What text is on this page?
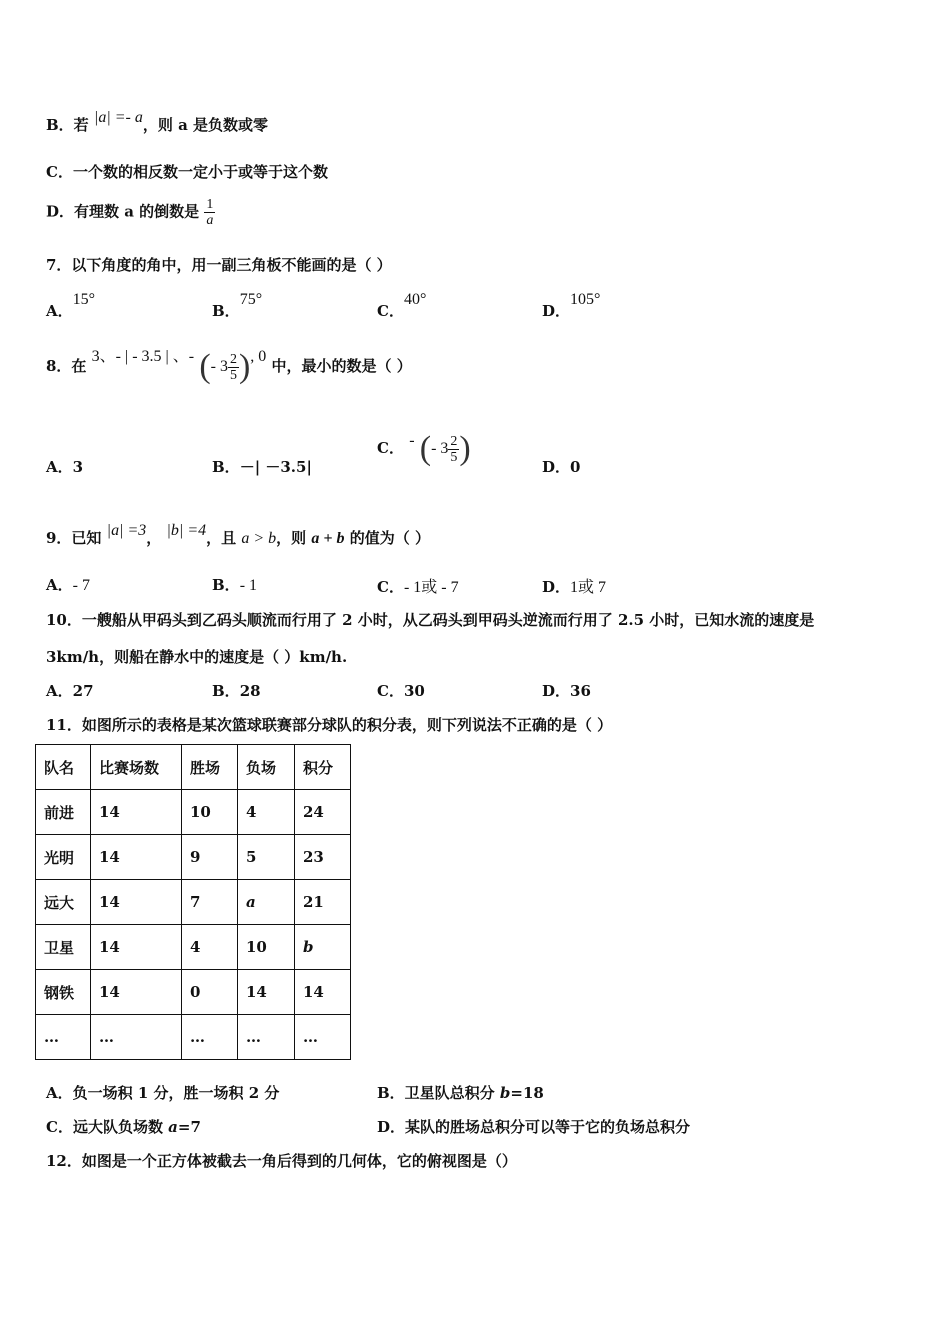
B．若 |a| =- a，则 a 是负数或零
C．一个数的相反数一定小于或等于这个数
D．有理数 a 的倒数是 $\frac{1}{a}$
7．以下角度的角中，用一副三角板不能画的是（ ）
A．15°
B．75°
C．40°
D．105°
8．在 3、- | - 3.5 | 、- (- $3 \frac{2}{5}$ ), 0 中，最小的数是（ ）
A．3	B．－| －3.5|
C． - (- $3 \frac{2}{5}$ )	D．0
9．已知 |a| =3， |b| =4，且 a > b，则 a + b 的值为（ ）
A．- 7	B．- 1	C．- 1或 - 7	D．1或 7
10．一艘船从甲码头到乙码头顺流而行用了 2 小时，从乙码头到甲码头逆流而行用了 2.5 小时，已知水流的速度是
3km/h，则船在静水中的速度是（ ）km/h.
A．27	B．28	C．30	D．36
11．如图所示的表格是某次篮球联赛部分球队的积分表，则下列说法不正确的是（ ）
队名	比赛场数	胜场	负场	积分
前进	14	10	4	24
光明	14	9	5	23
远大	14	7	a	21
卫星	14	4	10	b
钢铁	14	0	14	14
…	…	…	…	…
A．负一场积 1 分，胜一场积 2 分	B．卫星队总积分 b=18
C．远大队负场数 a=7	D．某队的胜场总积分可以等于它的负场总积分
12．如图是一个正方体被截去一角后得到的几何体，它的俯视图是（）
